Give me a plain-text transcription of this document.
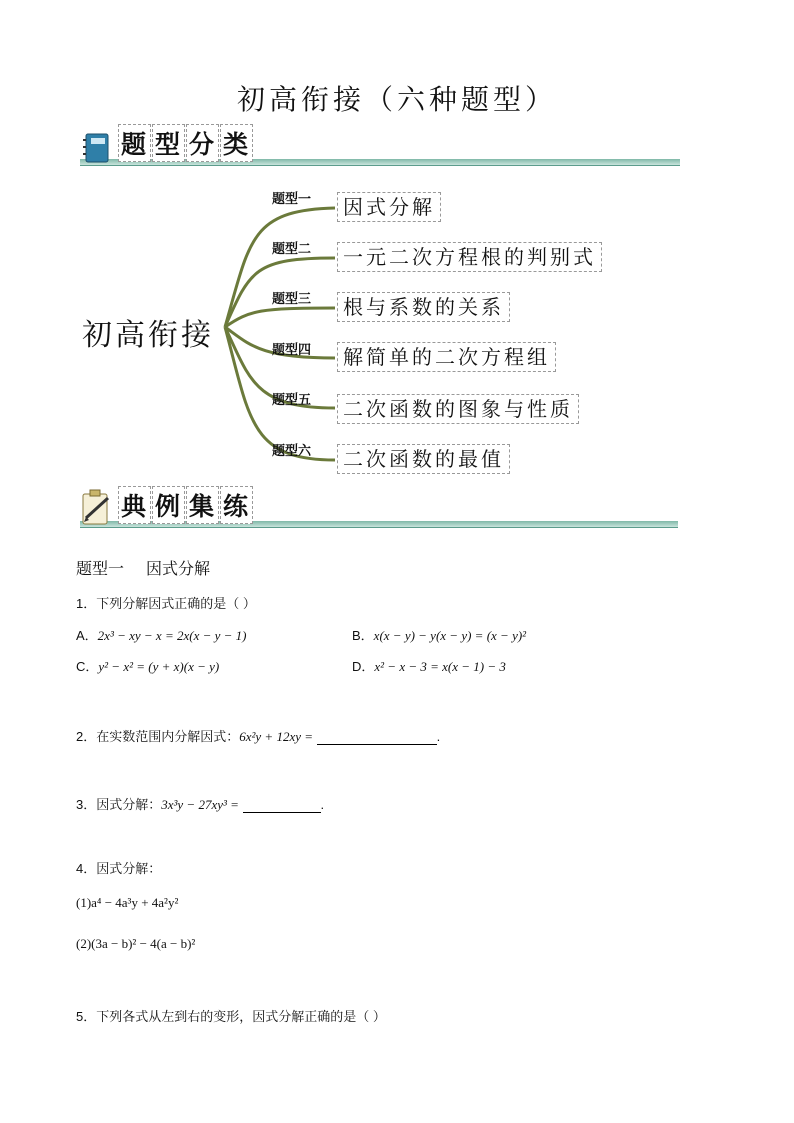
初高衔接（六种题型）
题 型 分 类
初高衔接
题型一	因式分解
题型二	一元二次方程根的判别式
题型三	根与系数的关系
题型四	解简单的二次方程组
题型五	二次函数的图象与性质
题型六	二次函数的最值
典 例 集 练
题型一 因式分解
1．下列分解因式正确的是（ ）
A．2x³ − xy − x = 2x(x − y − 1)	B．x(x − y) − y(x − y) = (x − y)²
C．y² − x² = (y + x)(x − y)	D．x² − x − 3 = x(x − 1) − 3
2．在实数范围内分解因式：6x²y + 12xy =	.
3．因式分解：3x³y − 27xy³ =	.
4．因式分解：
(1)a⁴ − 4a³y + 4a²y²
(2)(3a − b)² − 4(a − b)²
5．下列各式从左到右的变形，因式分解正确的是（ ）
